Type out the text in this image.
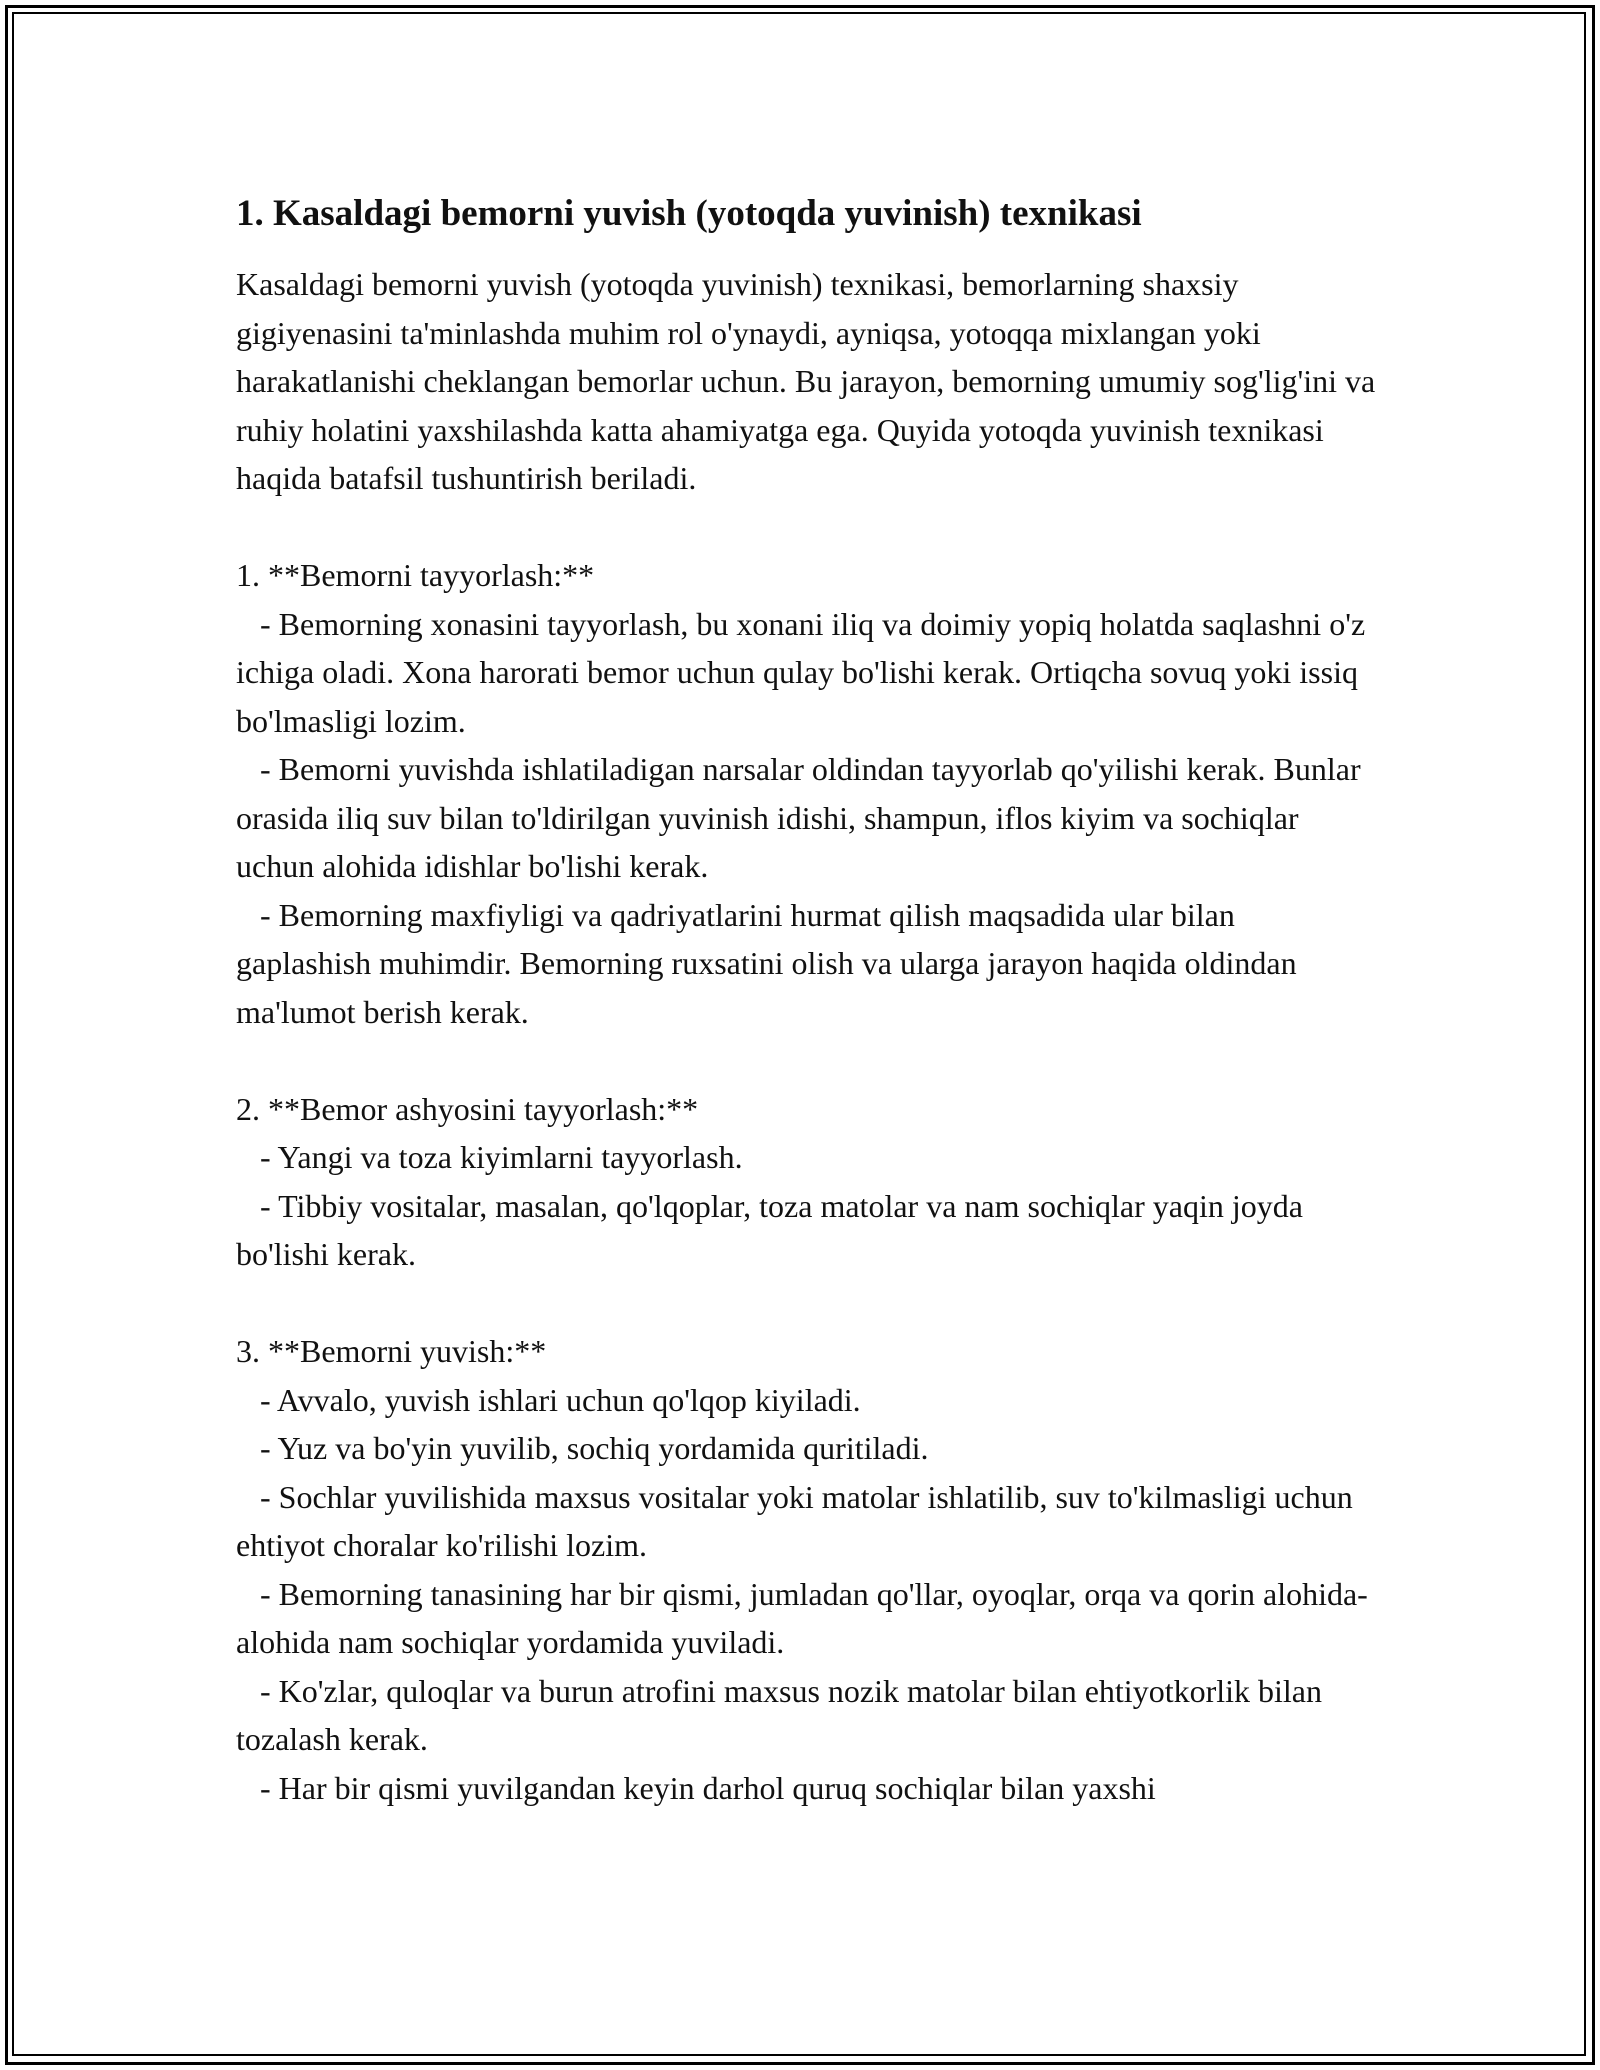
1. Kasaldagi bemorni yuvish (yotoqda yuvinish) texnikasi

Kasaldagi bemorni yuvish (yotoqda yuvinish) texnikasi, bemorlarning shaxsiy gigiyenasini ta'minlashda muhim rol o'ynaydi, ayniqsa, yotoqqa mixlangan yoki harakatlanishi cheklangan bemorlar uchun. Bu jarayon, bemorning umumiy sog'lig'ini va ruhiy holatini yaxshilashda katta ahamiyatga ega. Quyida yotoqda yuvinish texnikasi haqida batafsil tushuntirish beriladi.

1. **Bemorni tayyorlash:**

- Bemorning xonasini tayyorlash, bu xonani iliq va doimiy yopiq holatda saqlashni o'z ichiga oladi. Xona harorati bemor uchun qulay bo'lishi kerak. Ortiqcha sovuq yoki issiq bo'lmasligi lozim.

- Bemorni yuvishda ishlatiladigan narsalar oldindan tayyorlab qo'yilishi kerak. Bunlar orasida iliq suv bilan to'ldirilgan yuvinish idishi, shampun, iflos kiyim va sochiqlar uchun alohida idishlar bo'lishi kerak.

- Bemorning maxfiyligi va qadriyatlarini hurmat qilish maqsadida ular bilan gaplashish muhimdir. Bemorning ruxsatini olish va ularga jarayon haqida oldindan ma'lumot berish kerak.

2. **Bemor ashyosini tayyorlash:**

- Yangi va toza kiyimlarni tayyorlash.

- Tibbiy vositalar, masalan, qo'lqoplar, toza matolar va nam sochiqlar yaqin joyda bo'lishi kerak.

3. **Bemorni yuvish:**

- Avvalo, yuvish ishlari uchun qo'lqop kiyiladi.

- Yuz va bo'yin yuvilib, sochiq yordamida quritiladi.

- Sochlar yuvilishida maxsus vositalar yoki matolar ishlatilib, suv to'kilmasligi uchun ehtiyot choralar ko'rilishi lozim.

- Bemorning tanasining har bir qismi, jumladan qo'llar, oyoqlar, orqa va qorin alohida-alohida nam sochiqlar yordamida yuviladi.

- Ko'zlar, quloqlar va burun atrofini maxsus nozik matolar bilan ehtiyotkorlik bilan tozalash kerak.

- Har bir qismi yuvilgandan keyin darhol quruq sochiqlar bilan yaxshi
